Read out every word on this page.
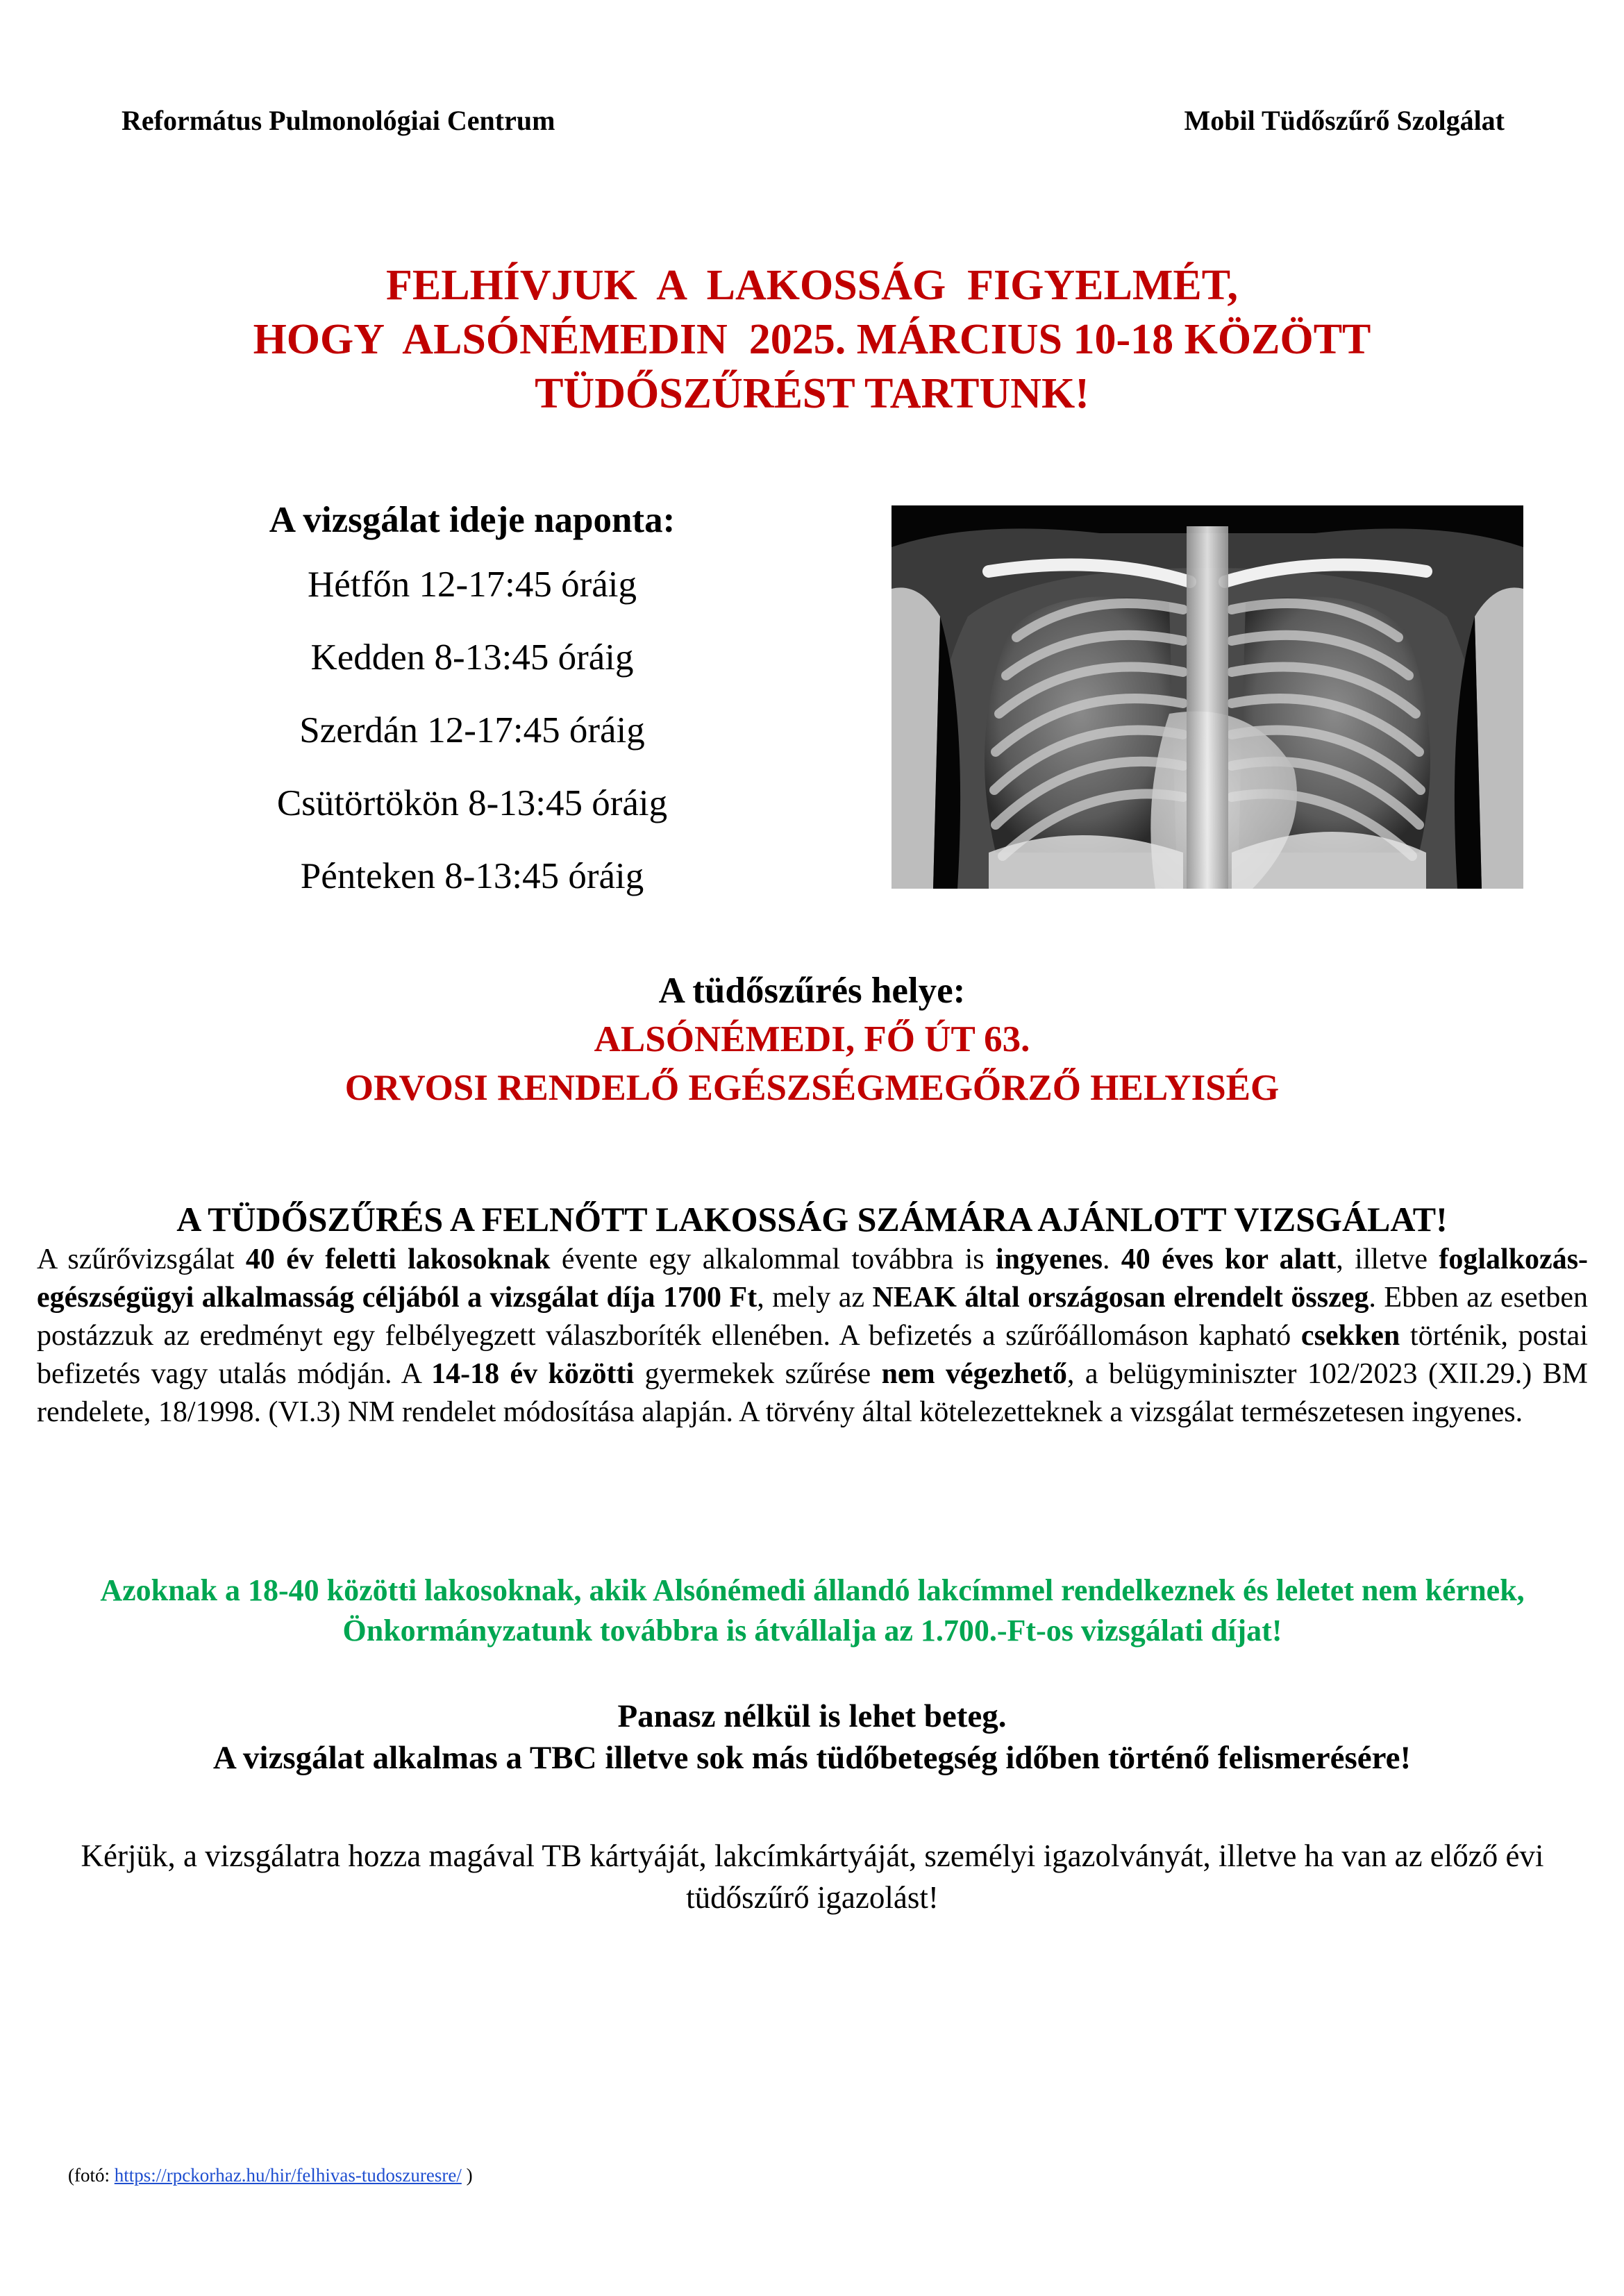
Református Pulmonológiai Centrum	Mobil Tüdőszűrő Szolgálat
FELHÍVJUK  A  LAKOSSÁG  FIGYELMÉT,
HOGY  ALSÓNÉMEDIN  2025. MÁRCIUS 10-18 KÖZÖTT
TÜDŐSZŰRÉST TARTUNK!
A vizsgálat ideje naponta:
Hétfőn 12-17:45 óráig
Kedden 8-13:45 óráig
Szerdán 12-17:45 óráig
Csütörtökön 8-13:45 óráig
Pénteken 8-13:45 óráig
A tüdőszűrés helye:
ALSÓNÉMEDI, FŐ ÚT 63.
ORVOSI RENDELŐ EGÉSZSÉGMEGŐRZŐ HELYISÉG
A TÜDŐSZŰRÉS A FELNŐTT LAKOSSÁG SZÁMÁRA AJÁNLOTT VIZSGÁLAT!
A szűrővizsgálat 40 év feletti lakosoknak évente egy alkalommal továbbra is ingyenes. 40 éves kor alatt, illetve foglalkozás-egészségügyi alkalmasság céljából a vizsgálat díja 1700 Ft, mely az NEAK által országosan elrendelt összeg. Ebben az esetben postázzuk az eredményt egy felbélyegzett válaszboríték ellenében. A befizetés a szűrőállomáson kapható csekken történik, postai befizetés vagy utalás módján. A 14-18 év közötti gyermekek szűrése nem végezhető, a belügyminiszter 102/2023 (XII.29.) BM rendelete, 18/1998. (VI.3) NM rendelet módosítása alapján. A törvény által kötelezetteknek a vizsgálat természetesen ingyenes.
Azoknak a 18-40 közötti lakosoknak, akik Alsónémedi állandó lakcímmel rendelkeznek és leletet nem kérnek, Önkormányzatunk továbbra is átvállalja az 1.700.-Ft-os vizsgálati díjat!
Panasz nélkül is lehet beteg.
A vizsgálat alkalmas a TBC illetve sok más tüdőbetegség időben történő felismerésére!
Kérjük, a vizsgálatra hozza magával TB kártyáját, lakcímkártyáját, személyi igazolványát, illetve ha van az előző évi tüdőszűrő igazolást!
(fotó: https://rpckorhaz.hu/hir/felhivas-tudoszuresre/ )
